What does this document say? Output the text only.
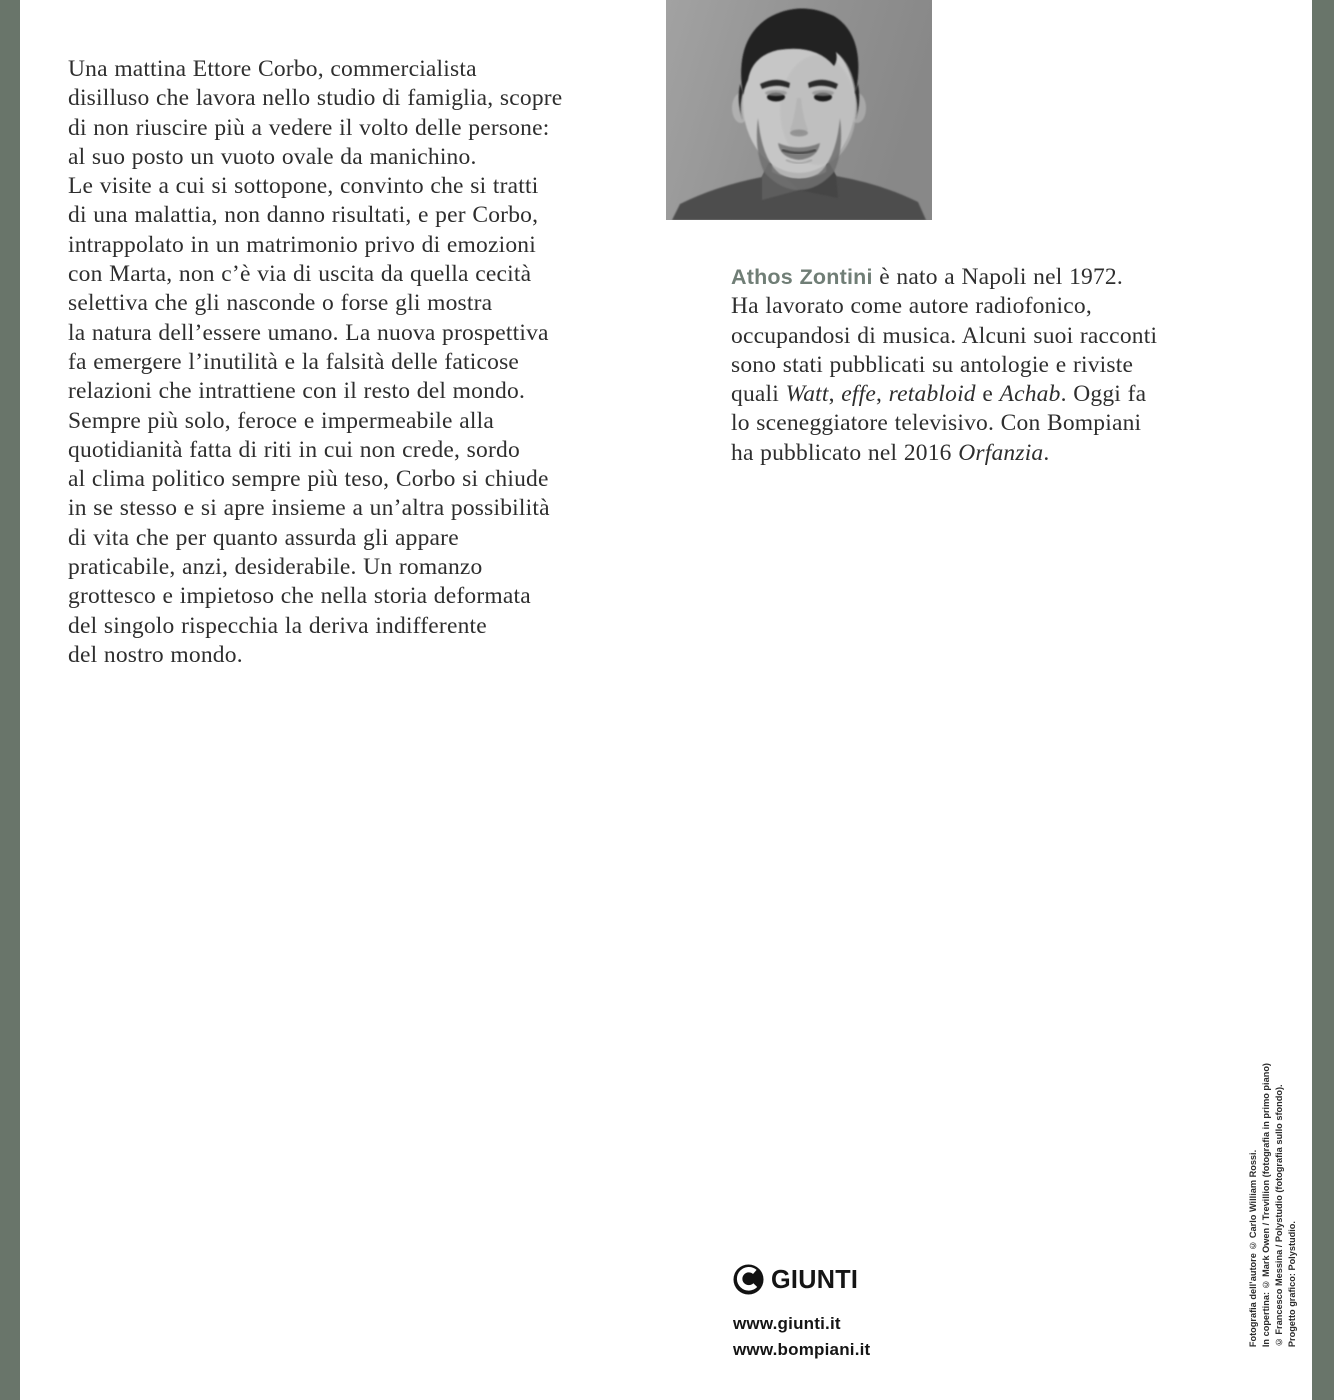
Una mattina Ettore Corbo, commercialista
disilluso che lavora nello studio di famiglia, scopre
di non riuscire più a vedere il volto delle persone:
al suo posto un vuoto ovale da manichino.
Le visite a cui si sottopone, convinto che si tratti
di una malattia, non danno risultati, e per Corbo,
intrappolato in un matrimonio privo di emozioni
con Marta, non c’è via di uscita da quella cecità
selettiva che gli nasconde o forse gli mostra
la natura dell’essere umano. La nuova prospettiva
fa emergere l’inutilità e la falsità delle faticose
relazioni che intrattiene con il resto del mondo.
Sempre più solo, feroce e impermeabile alla
quotidianità fatta di riti in cui non crede, sordo
al clima politico sempre più teso, Corbo si chiude
in se stesso e si apre insieme a un’altra possibilità
di vita che per quanto assurda gli appare
praticabile, anzi, desiderabile. Un romanzo
grottesco e impietoso che nella storia deformata
del singolo rispecchia la deriva indifferente
del nostro mondo.
Athos Zontini è nato a Napoli nel 1972.
Ha lavorato come autore radiofonico,
occupandosi di musica. Alcuni suoi racconti
sono stati pubblicati su antologie e riviste
quali Watt, effe, retabloid e Achab. Oggi fa
lo sceneggiatore televisivo. Con Bompiani
ha pubblicato nel 2016 Orfanzia.
GIUNTI
www.giunti.it
www.bompiani.it
Fotografia dell’autore © Carlo William Rossi. In copertina: © Mark Owen / Trevillion (fotografia in primo piano) © Francesco Messina / Polystudio (fotografia sullo sfondo). Progetto grafico: Polystudio.
